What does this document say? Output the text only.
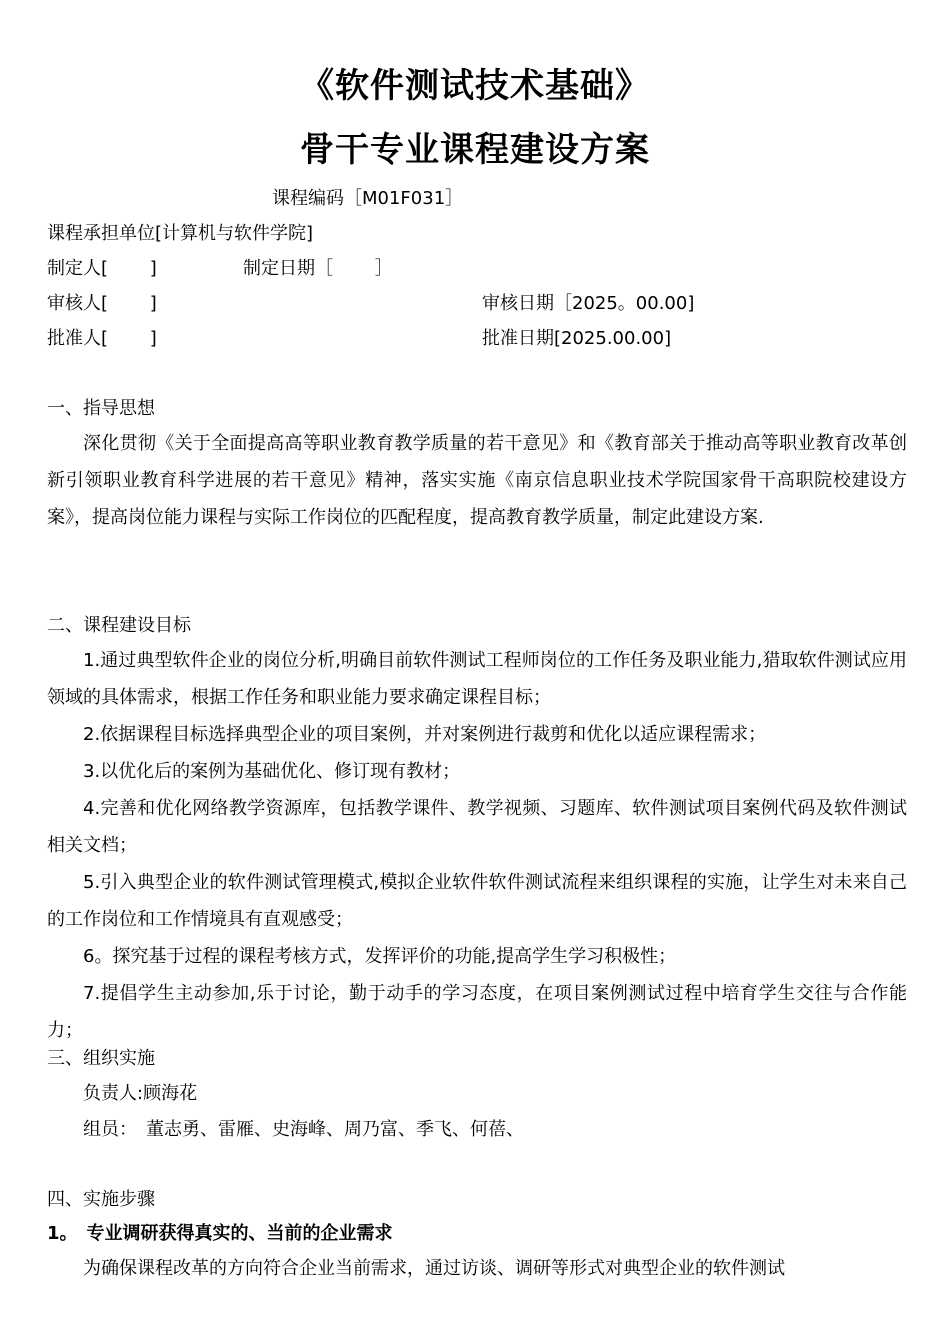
《软件测试技术基础》
骨干专业课程建设方案
课程编码［M01F031］
课程承担单位[计算机与软件学院]
制定人[　　 ]	制定日期［　　 ］
审核人[　　 ]	审核日期［2025。00.00]
批准人[　　 ]	批准日期[2025.00.00]
一、指导思想
深化贯彻《关于全面提高高等职业教育教学质量的若干意见》和《教育部关于推动高等职业教育改革创新引领职业教育科学进展的若干意见》精神，落实实施《南京信息职业技术学院国家骨干高职院校建设方案》，提高岗位能力课程与实际工作岗位的匹配程度，提高教育教学质量，制定此建设方案.
二、课程建设目标
1.通过典型软件企业的岗位分析,明确目前软件测试工程师岗位的工作任务及职业能力,猎取软件测试应用领域的具体需求，根据工作任务和职业能力要求确定课程目标；
2.依据课程目标选择典型企业的项目案例，并对案例进行裁剪和优化以适应课程需求；
3.以优化后的案例为基础优化、修订现有教材；
4.完善和优化网络教学资源库，包括教学课件、教学视频、习题库、软件测试项目案例代码及软件测试相关文档；
5.引入典型企业的软件测试管理模式,模拟企业软件软件测试流程来组织课程的实施，让学生对未来自己的工作岗位和工作情境具有直观感受；
6。探究基于过程的课程考核方式，发挥评价的功能,提高学生学习积极性；
7.提倡学生主动参加,乐于讨论，勤于动手的学习态度，在项目案例测试过程中培育学生交往与合作能力；
三、组织实施
负责人:顾海花
组员：　董志勇、雷雁、史海峰、周乃富、季飞、何蓓、
四、实施步骤
1。　专业调研获得真实的、当前的企业需求
为确保课程改革的方向符合企业当前需求，通过访谈、调研等形式对典型企业的软件测试
